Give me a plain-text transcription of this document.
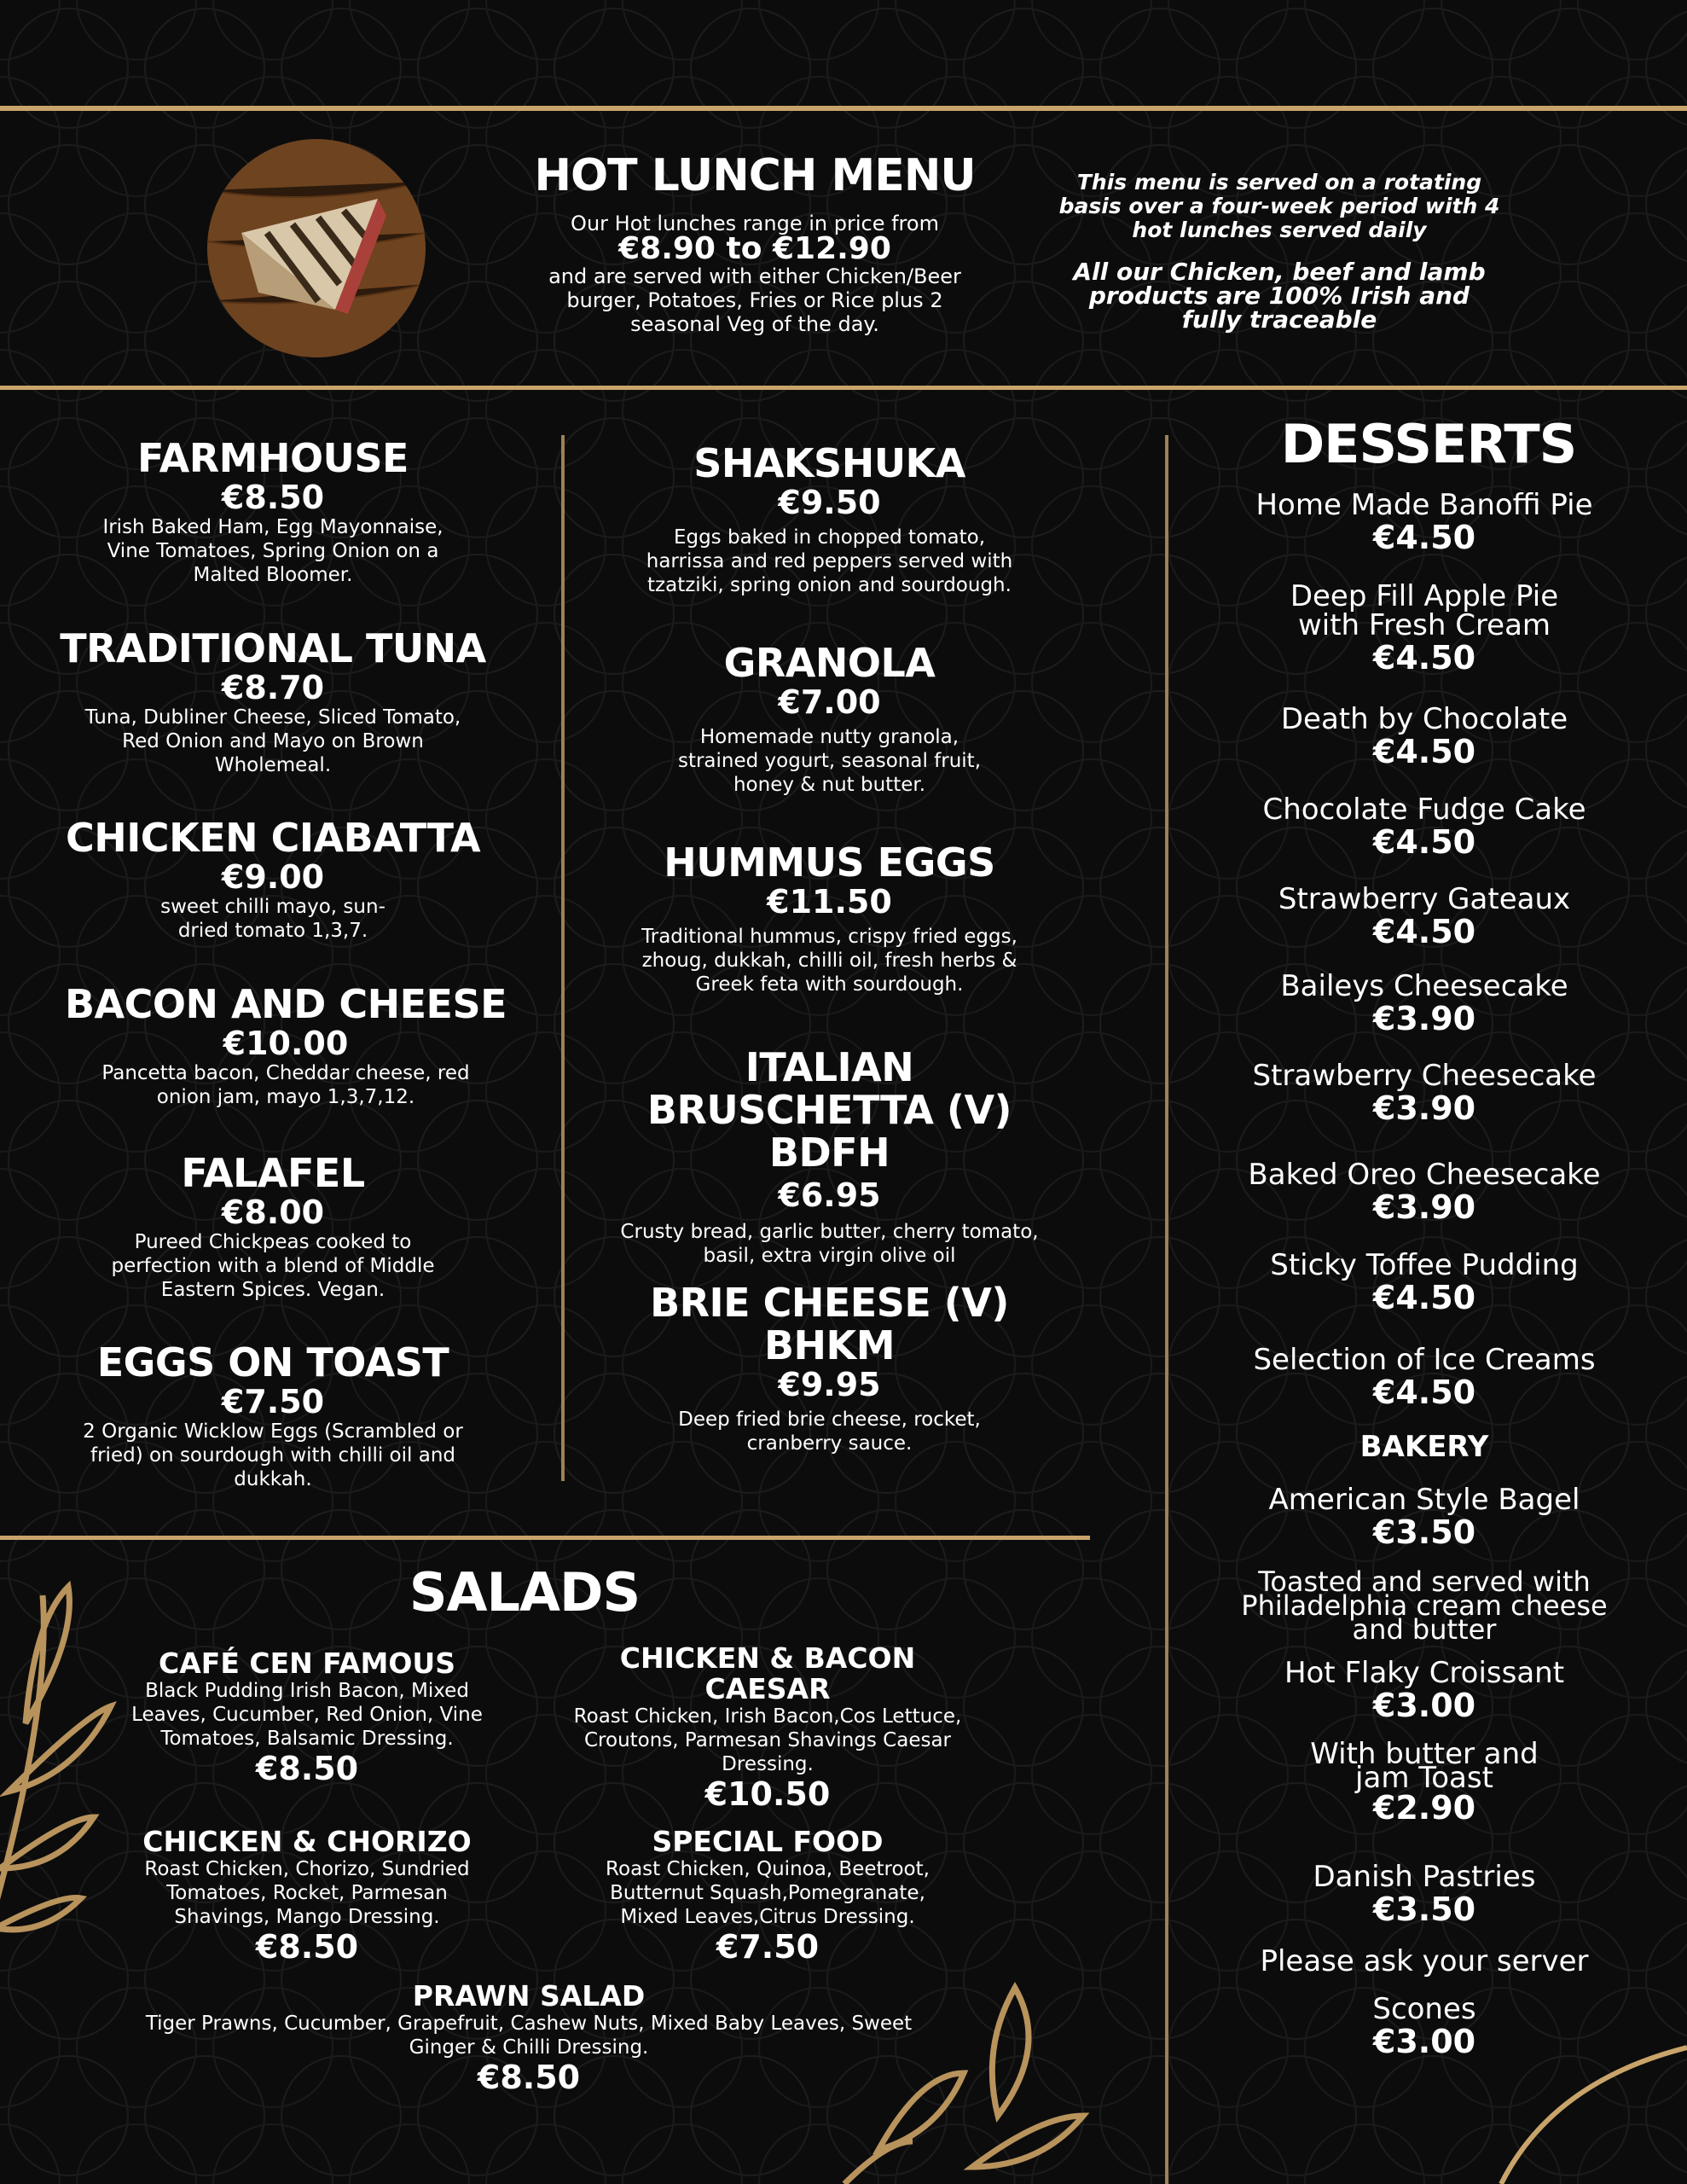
HOT LUNCH MENU
Our Hot lunches range in price from
€8.90 to €12.90
and are served with either Chicken/Beer burger, Potatoes, Fries or Rice plus 2 seasonal Veg of the day.
This menu is served on a rotating basis over a four-week period with 4 hot lunches served daily
All our Chicken, beef and lamb products are 100% Irish and fully traceable
FARMHOUSE
€8.50
Irish Baked Ham, Egg Mayonnaise, Vine Tomatoes, Spring Onion on a Malted Bloomer.
TRADITIONAL TUNA
€8.70
Tuna, Dubliner Cheese, Sliced Tomato, Red Onion and Mayo on Brown Wholemeal.
CHICKEN CIABATTA
€9.00
sweet chilli mayo, sun-dried tomato 1,3,7.
BACON AND CHEESE
€10.00
Pancetta bacon, Cheddar cheese, red onion jam, mayo 1,3,7,12.
FALAFEL
€8.00
Pureed Chickpeas cooked to perfection with a blend of Middle Eastern Spices. Vegan.
EGGS ON TOAST
€7.50
2 Organic Wicklow Eggs (Scrambled or fried) on sourdough with chilli oil and dukkah.
SHAKSHUKA
€9.50
Eggs baked in chopped tomato, harrissa and red peppers served with tzatziki, spring onion and sourdough.
GRANOLA
€7.00
Homemade nutty granola, strained yogurt, seasonal fruit, honey & nut butter.
HUMMUS EGGS
€11.50
Traditional hummus, crispy fried eggs, zhoug, dukkah, chilli oil, fresh herbs & Greek feta with sourdough.
ITALIAN BRUSCHETTA (V) BDFH
€6.95
Crusty bread, garlic butter, cherry tomato, basil, extra virgin olive oil
BRIE CHEESE (V) BHKM
€9.95
Deep fried brie cheese, rocket, cranberry sauce.
DESSERTS
Home Made Banoffi Pie
€4.50
Deep Fill Apple Pie with Fresh Cream
€4.50
Death by Chocolate
€4.50
Chocolate Fudge Cake
€4.50
Strawberry Gateaux
€4.50
Baileys Cheesecake
€3.90
Strawberry Cheesecake
€3.90
Baked Oreo Cheesecake
€3.90
Sticky Toffee Pudding
€4.50
Selection of Ice Creams
€4.50
BAKERY
American Style Bagel
€3.50
Toasted and served with Philadelphia cream cheese and butter
Hot Flaky Croissant
€3.00
With butter and jam Toast
€2.90
Danish Pastries
€3.50
Please ask your server
Scones
€3.00
SALADS
CAFÉ CEN FAMOUS
Black Pudding Irish Bacon, Mixed Leaves, Cucumber, Red Onion, Vine Tomatoes, Balsamic Dressing.
€8.50
CHICKEN & BACON CAESAR
Roast Chicken, Irish Bacon,Cos Lettuce, Croutons, Parmesan Shavings Caesar Dressing.
€10.50
CHICKEN & CHORIZO
Roast Chicken, Chorizo, Sundried Tomatoes, Rocket, Parmesan Shavings, Mango Dressing.
€8.50
SPECIAL FOOD
Roast Chicken, Quinoa, Beetroot, Butternut Squash,Pomegranate, Mixed Leaves,Citrus Dressing.
€7.50
PRAWN SALAD
Tiger Prawns, Cucumber, Grapefruit, Cashew Nuts, Mixed Baby Leaves, Sweet Ginger & Chilli Dressing.
€8.50
